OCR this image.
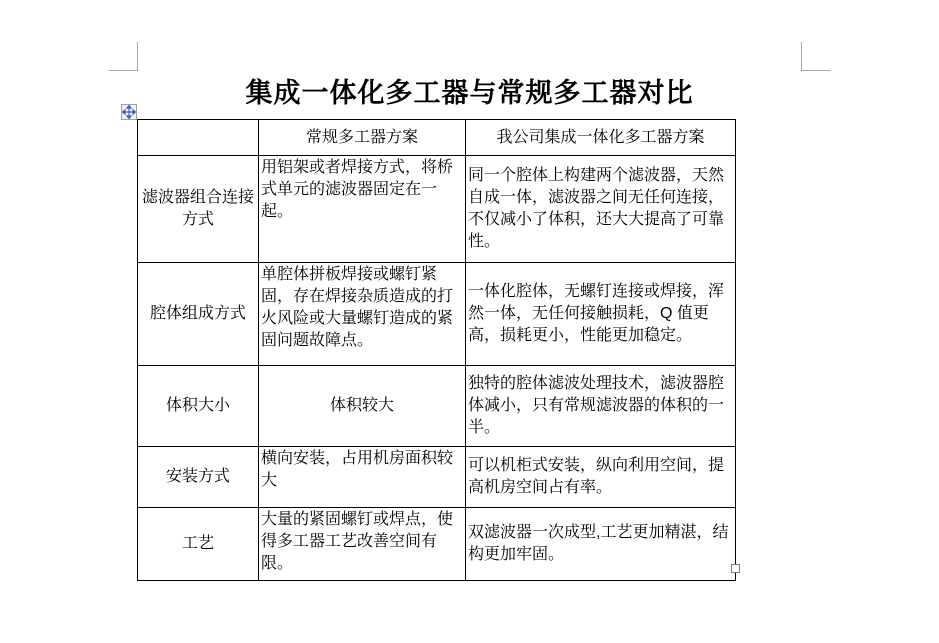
集成一体化多工器与常规多工器对比
	常规多工器方案	我公司集成一体化多工器方案
滤波器组合连接方式	用铝架或者焊接方式，将桥式单元的滤波器固定在一起。	同一个腔体上构建两个滤波器，天然自成一体，滤波器之间无任何连接，不仅减小了体积，还大大提高了可靠性。
腔体组成方式	单腔体拼板焊接或螺钉紧固，存在焊接杂质造成的打火风险或大量螺钉造成的紧固问题故障点。	一体化腔体，无螺钉连接或焊接，浑然一体，无任何接触损耗，Q 值更高，损耗更小，性能更加稳定。
体积大小	体积较大	独特的腔体滤波处理技术，滤波器腔体减小，只有常规滤波器的体积的一半。
安装方式	横向安装，占用机房面积较大	可以机柜式安装，纵向利用空间，提高机房空间占有率。
工艺	大量的紧固螺钉或焊点，使得多工器工艺改善空间有限。	双滤波器一次成型,工艺更加精湛，结构更加牢固。
